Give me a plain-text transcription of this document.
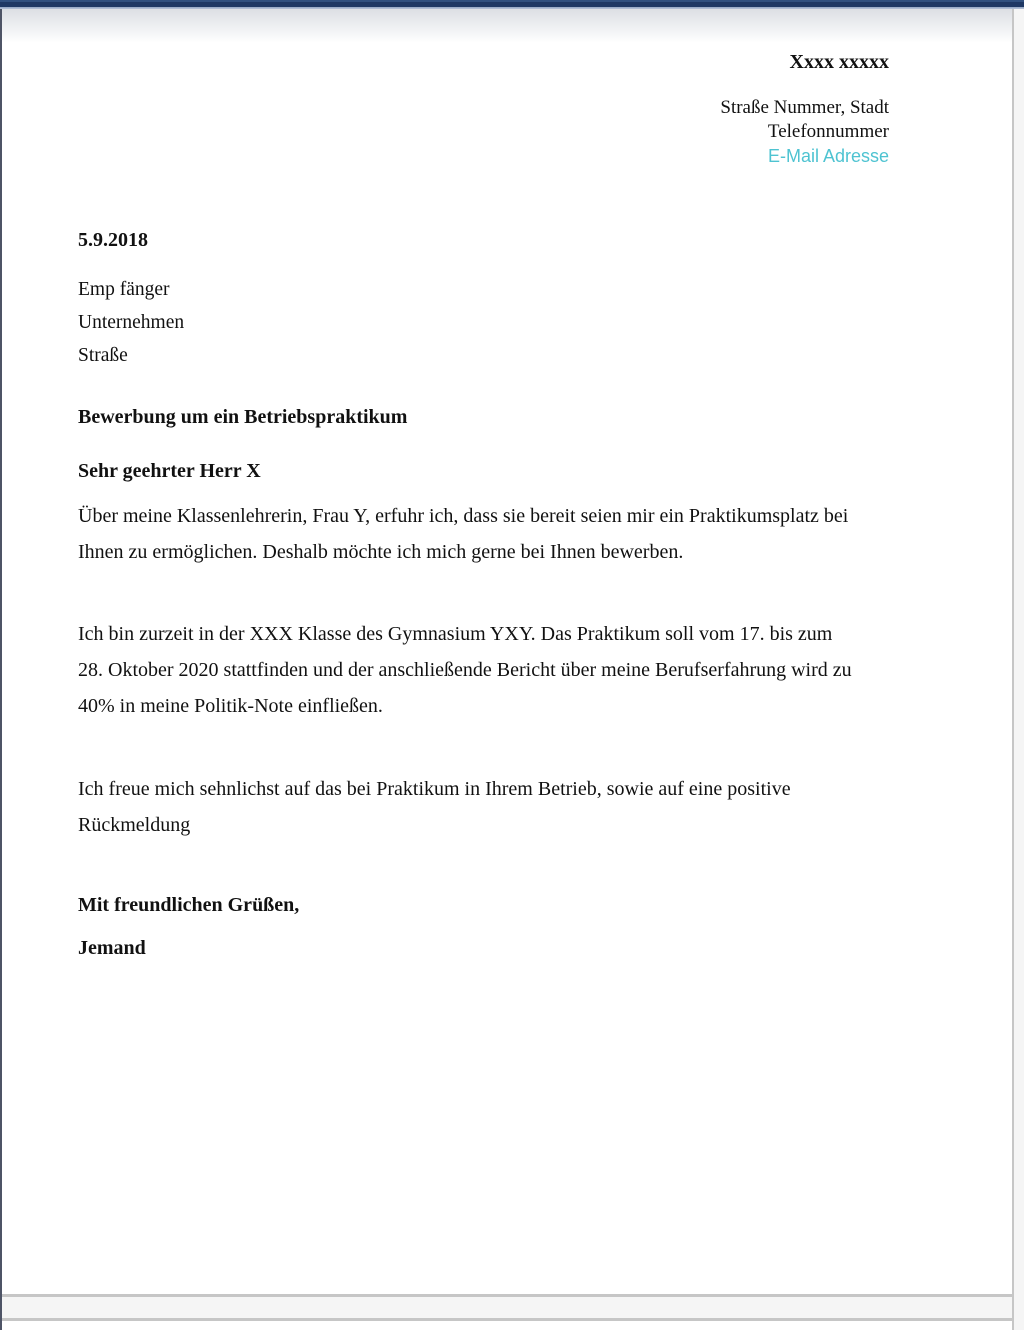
Xxxx xxxxx
Straße Nummer, Stadt
Telefonnummer
E-Mail Adresse
5.9.2018
Emp fänger
Unternehmen
Straße
Bewerbung um ein Betriebspraktikum
Sehr geehrter Herr X
Über meine Klassenlehrerin, Frau Y, erfuhr ich, dass sie bereit seien mir ein Praktikumsplatz bei
Ihnen zu ermöglichen. Deshalb möchte ich mich gerne bei Ihnen bewerben.
Ich bin zurzeit in der XXX Klasse des Gymnasium YXY. Das Praktikum soll vom 17. bis zum
28. Oktober 2020 stattfinden und der anschließende Bericht über meine Berufserfahrung wird zu
40% in meine Politik-Note einfließen.
Ich freue mich sehnlichst auf das bei Praktikum in Ihrem Betrieb, sowie auf eine positive
Rückmeldung
Mit freundlichen Grüßen,
Jemand
